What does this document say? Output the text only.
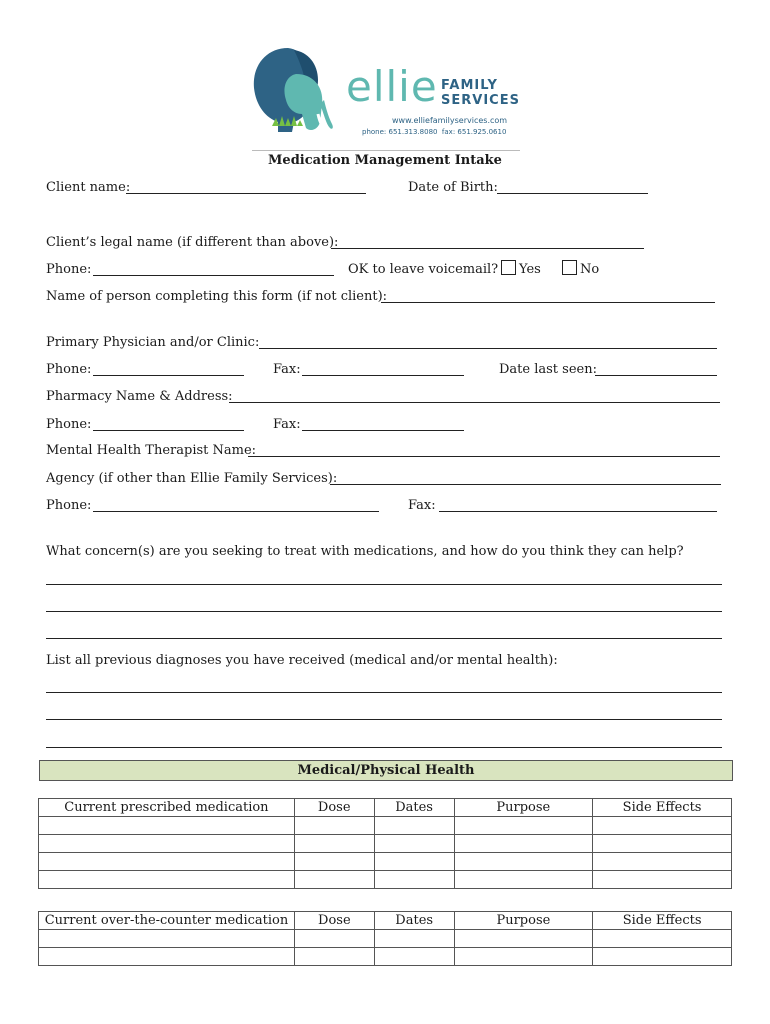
ellie FAMILY
SERVICES
www.elliefamilyservices.com
phone: 651.313.8080  fax: 651.925.0610
Medication Management Intake
Client name:	Date of Birth:
Client’s legal name (if different than above):
Phone:	OK to leave voicemail? Yes	No
Name of person completing this form (if not client):
Primary Physician and/or Clinic:
Phone:	Fax:	Date last seen:
Pharmacy Name & Address:
Phone:	Fax:
Mental Health Therapist Name:
Agency (if other than Ellie Family Services):
Phone:	Fax:
What concern(s) are you seeking to treat with medications, and how do you think they can help?
List all previous diagnoses you have received (medical and/or mental health):
Medical/Physical Health
Current prescribed medication	Dose	Dates	Purpose	Side Effects

Current over-the-counter medication	Dose	Dates	Purpose	Side Effects
